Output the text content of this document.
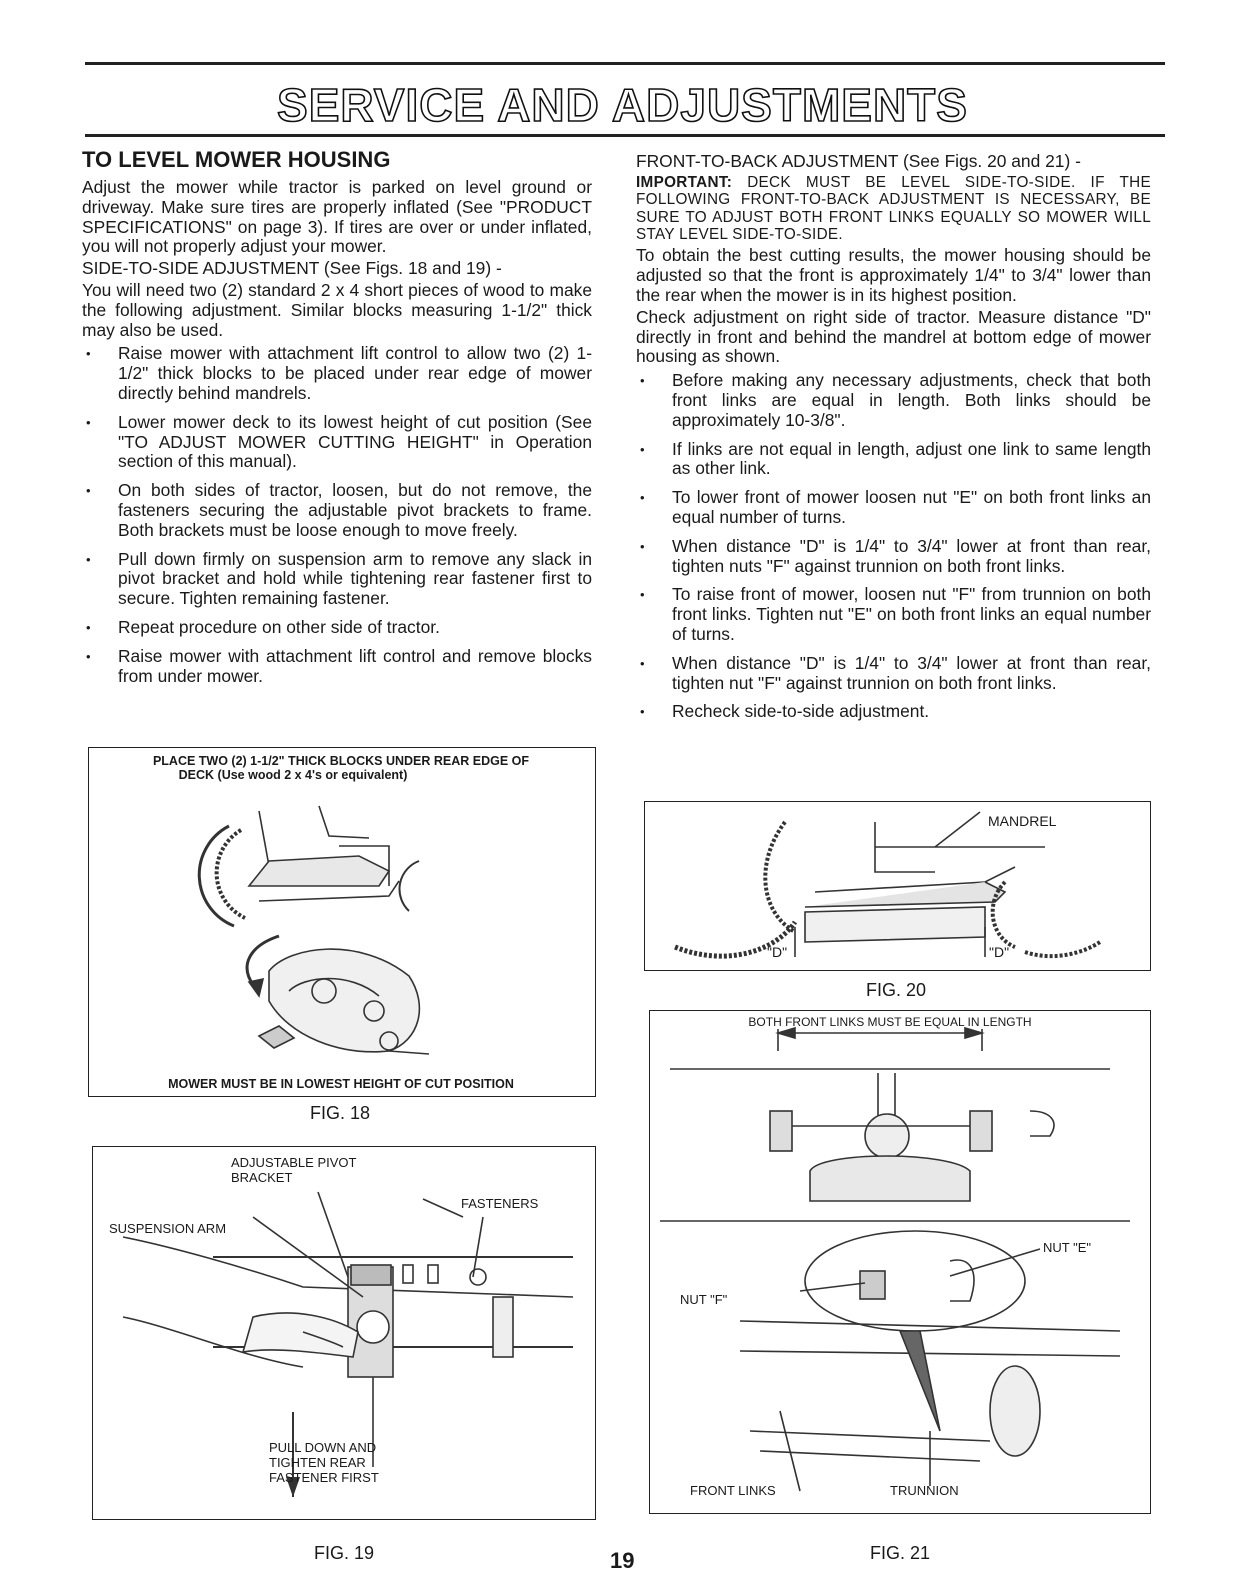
SERVICE AND ADJUSTMENTS
TO LEVEL MOWER HOUSING

Adjust the mower while tractor is parked on level ground or driveway. Make sure tires are properly inflated (See "PRODUCT SPECIFICATIONS" on page 3). If tires are over or under inflated, you will not properly adjust your mower.

SIDE-TO-SIDE ADJUSTMENT (See Figs. 18 and 19) -

You will need two (2) standard 2 x 4 short pieces of wood to make the following adjustment. Similar blocks measuring 1-1/2" thick may also be used.

• Raise mower with attachment lift control to allow two (2) 1-1/2" thick blocks to be placed under rear edge of mower directly behind mandrels.
• Lower mower deck to its lowest height of cut position (See "TO ADJUST MOWER CUTTING HEIGHT" in Operation section of this manual).
• On both sides of tractor, loosen, but do not remove, the fasteners securing the adjustable pivot brackets to frame. Both brackets must be loose enough to move freely.
• Pull down firmly on suspension arm to remove any slack in pivot bracket and hold while tightening rear fastener first to secure. Tighten remaining fastener.
• Repeat procedure on other side of tractor.
• Raise mower with attachment lift control and remove blocks from under mower.
PLACE TWO (2) 1-1/2" THICK BLOCKS UNDER REAR EDGE OF
DECK (Use wood 2 x 4's or equivalent)
MOWER MUST BE IN LOWEST HEIGHT OF CUT POSITION
FIG. 18
ADJUSTABLE PIVOT
BRACKET
FASTENERS
SUSPENSION ARM
PULL DOWN AND
TIGHTEN REAR
FASTENER FIRST
FIG. 19

FRONT-TO-BACK ADJUSTMENT (See Figs. 20 and 21) -

IMPORTANT: DECK MUST BE LEVEL SIDE-TO-SIDE. IF THE FOLLOWING FRONT-TO-BACK ADJUSTMENT IS NECESSARY, BE SURE TO ADJUST BOTH FRONT LINKS EQUALLY SO MOWER WILL STAY LEVEL SIDE-TO-SIDE.

To obtain the best cutting results, the mower housing should be adjusted so that the front is approximately 1/4" to 3/4" lower than the rear when the mower is in its highest position.

Check adjustment on right side of tractor. Measure distance "D" directly in front and behind the mandrel at bottom edge of mower housing as shown.

• Before making any necessary adjustments, check that both front links are equal in length. Both links should be approximately 10-3/8".
• If links are not equal in length, adjust one link to same length as other link.
• To lower front of mower loosen nut "E" on both front links an equal number of turns.
• When distance "D" is 1/4" to 3/4" lower at front than rear, tighten nuts "F" against trunnion on both front links.
• To raise front of mower, loosen nut "F" from trunnion on both front links. Tighten nut "E" on both front links an equal number of turns.
• When distance "D" is 1/4" to 3/4" lower at front than rear, tighten nut "F" against trunnion on both front links.
• Recheck side-to-side adjustment.
MANDREL
"D"	"D"
FIG. 20
BOTH FRONT LINKS MUST BE EQUAL IN LENGTH
NUT "E"
NUT "F"
FRONT LINKS	TRUNNION
FIG. 21
19
